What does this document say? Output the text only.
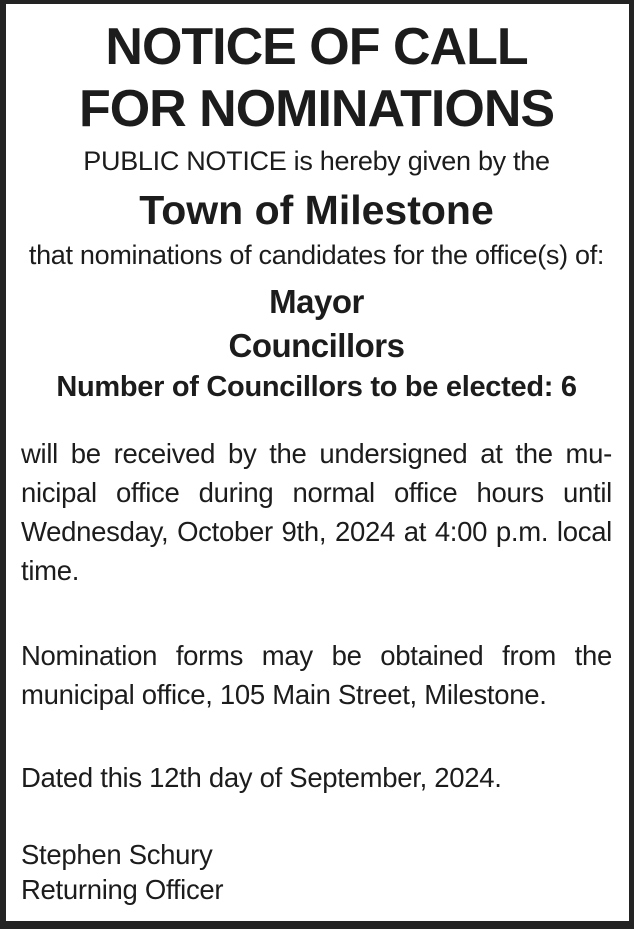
NOTICE OF CALL
FOR NOMINATIONS
PUBLIC NOTICE is hereby given by the
Town of Milestone
that nominations of candidates for the office(s) of:
Mayor
Councillors
Number of Councillors to be elected: 6
will be received by the undersigned at the mu-
nicipal office during normal office hours until
Wednesday, October 9th, 2024 at 4:00 p.m. local
time.
Nomination forms may be obtained from the
municipal office, 105 Main Street, Milestone.
Dated this 12th day of September, 2024.
Stephen Schury
Returning Officer
